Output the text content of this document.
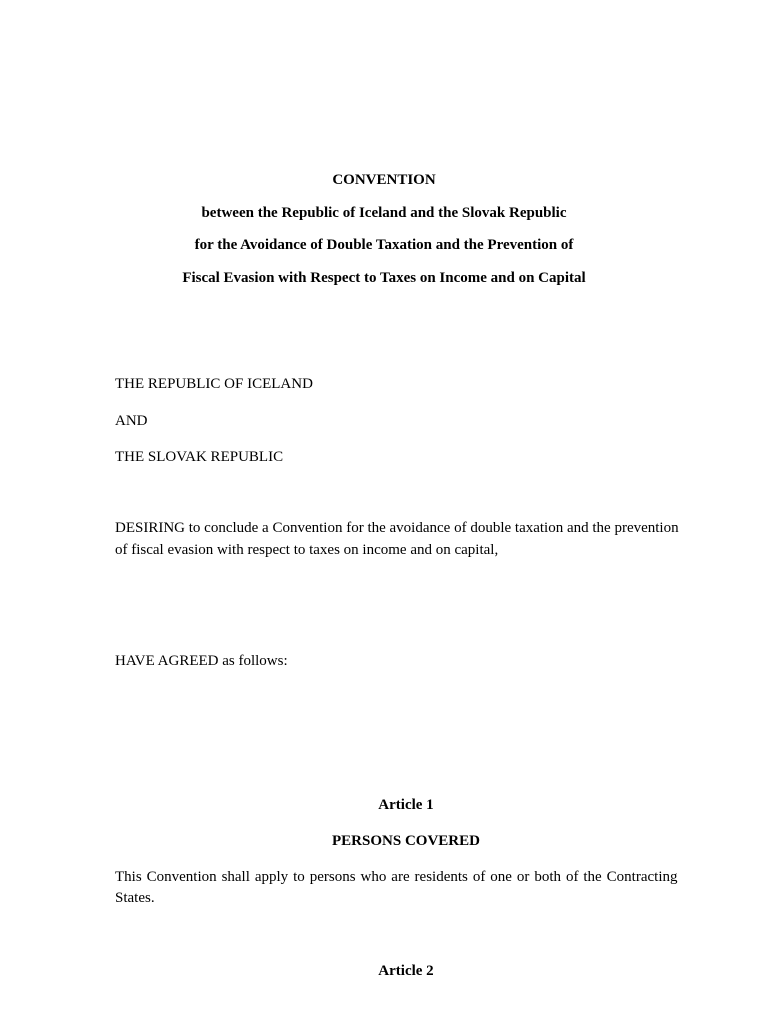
CONVENTION
between the Republic of Iceland and the Slovak Republic
for the Avoidance of Double Taxation and the Prevention of
Fiscal Evasion with Respect to Taxes on Income and on Capital
THE REPUBLIC OF ICELAND
AND
THE SLOVAK REPUBLIC
DESIRING to conclude a Convention for the avoidance of double taxation and the prevention
of fiscal evasion with respect to taxes on income and on capital,
HAVE AGREED as follows:
Article 1
PERSONS COVERED
This Convention shall apply to persons who are residents of one or both of the Contracting
States.
Article 2
